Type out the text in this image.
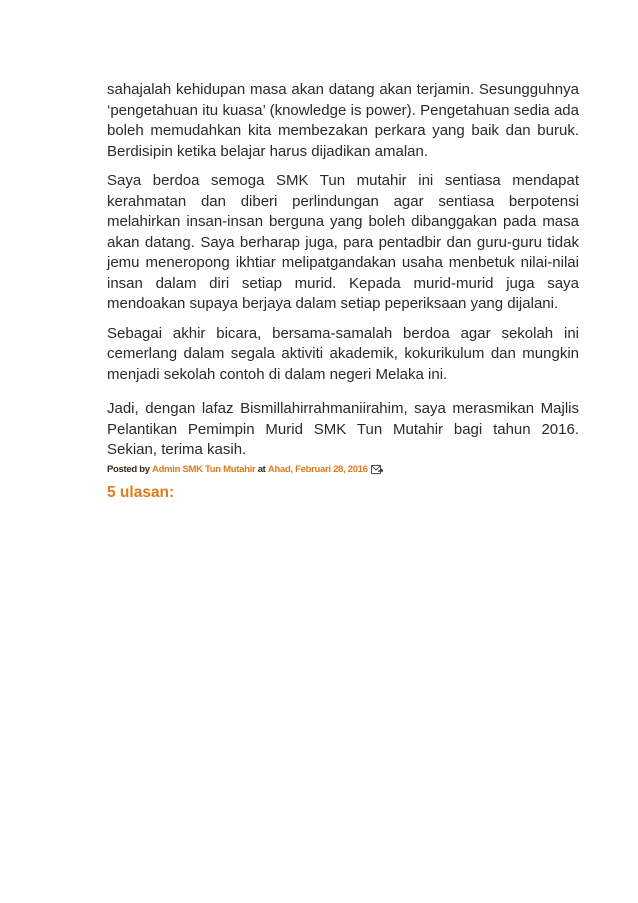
sahajalah kehidupan masa akan datang akan terjamin. Sesungguhnya ‘pengetahuan itu kuasa’ (knowledge is power). Pengetahuan sedia ada boleh memudahkan kita membezakan perkara yang baik dan buruk. Berdisipin ketika belajar harus dijadikan amalan.

Saya berdoa semoga SMK Tun mutahir ini sentiasa mendapat kerahmatan dan diberi perlindungan agar sentiasa berpotensi melahirkan insan-insan berguna yang boleh dibanggakan pada masa akan datang. Saya berharap juga, para pentadbir dan guru-guru tidak jemu meneropong ikhtiar melipatgandakan usaha menbetuk nilai-nilai insan dalam diri setiap murid. Kepada murid-murid juga saya mendoakan supaya berjaya dalam setiap peperiksaan yang dijalani.

Sebagai akhir bicara, bersama-samalah berdoa agar sekolah ini cemerlang dalam segala aktiviti akademik, kokurikulum dan mungkin menjadi sekolah contoh di dalam negeri Melaka ini.

Jadi, dengan lafaz Bismillahirrahmaniirahim, saya merasmikan Majlis Pelantikan Pemimpin Murid SMK Tun Mutahir bagi tahun 2016. Sekian, terima kasih.

Posted by
Admin SMK Tun Mutahir
at
Ahad, Februari 28, 2016
5 ulasan:
